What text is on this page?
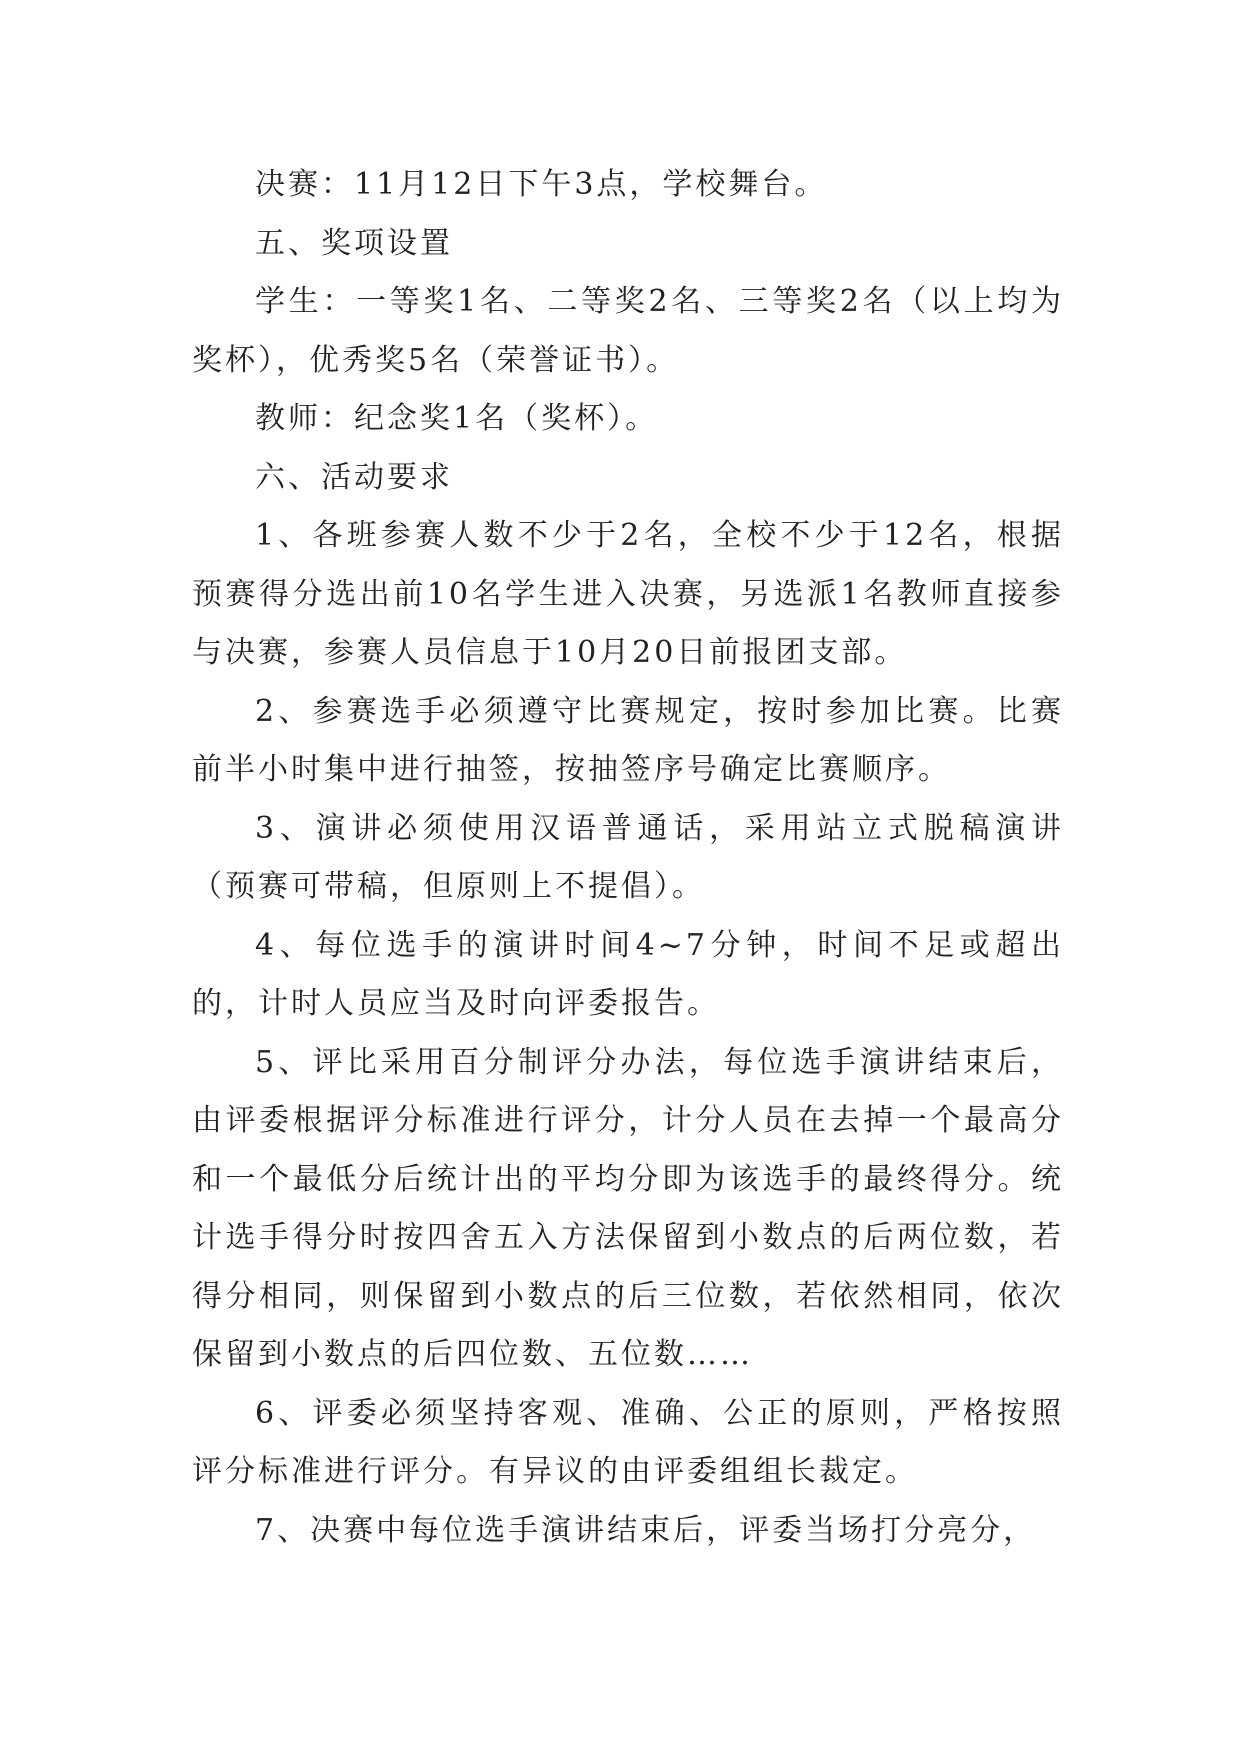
决赛：11月12日下午3点，学校舞台。

五、奖项设置

学生：一等奖1名、二等奖2名、三等奖2名（以上均为奖杯），优秀奖5名（荣誉证书）。

教师：纪念奖1名（奖杯）。

六、活动要求

1、各班参赛人数不少于2名，全校不少于12名，根据预赛得分选出前10名学生进入决赛，另选派1名教师直接参与决赛，参赛人员信息于10月20日前报团支部。

2、参赛选手必须遵守比赛规定，按时参加比赛。比赛前半小时集中进行抽签，按抽签序号确定比赛顺序。

3、演讲必须使用汉语普通话，采用站立式脱稿演讲（预赛可带稿，但原则上不提倡）。

4、每位选手的演讲时间4~7分钟，时间不足或超出的，计时人员应当及时向评委报告。

5、评比采用百分制评分办法，每位选手演讲结束后，由评委根据评分标准进行评分，计分人员在去掉一个最高分和一个最低分后统计出的平均分即为该选手的最终得分。统计选手得分时按四舍五入方法保留到小数点的后两位数，若得分相同，则保留到小数点的后三位数，若依然相同，依次保留到小数点的后四位数、五位数……

6、评委必须坚持客观、准确、公正的原则，严格按照评分标准进行评分。有异议的由评委组组长裁定。

7、决赛中每位选手演讲结束后，评委当场打分亮分，
